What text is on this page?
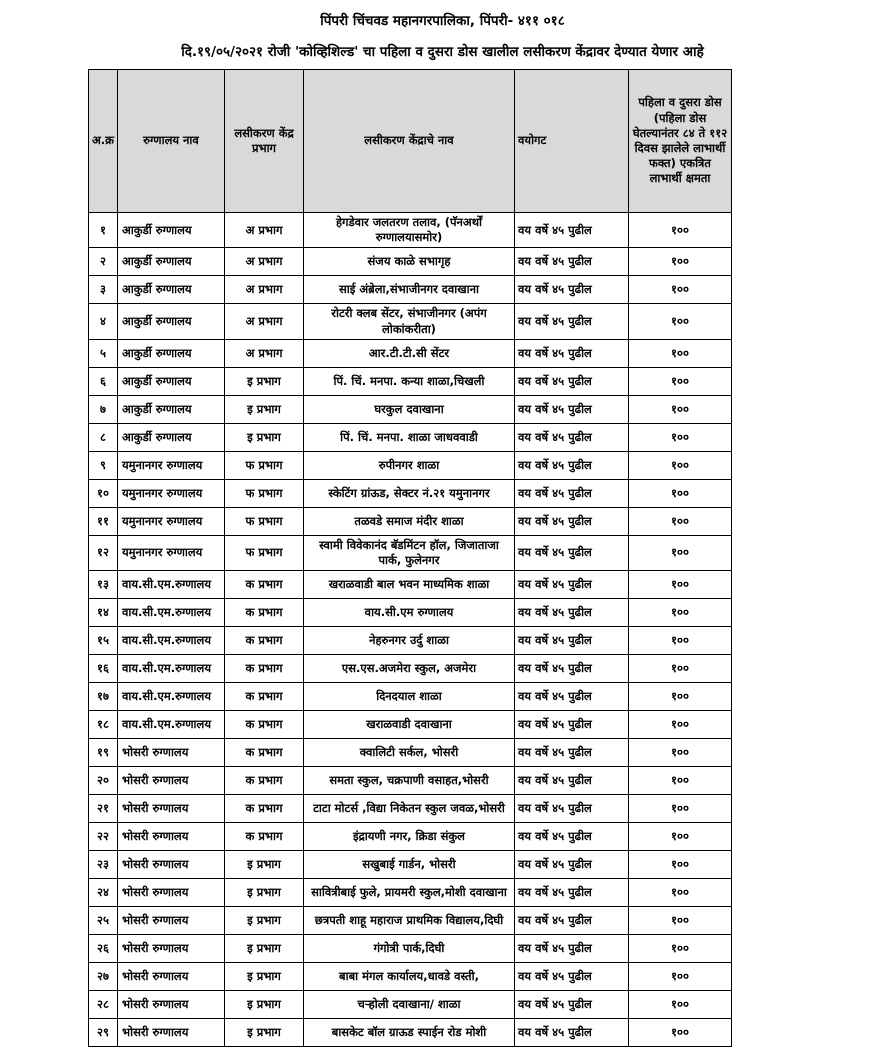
पिंपरी चिंचवड महानगरपालिका, पिंपरी- ४११ ०१८
दि.१९/०५/२०२१ रोजी 'कोव्हिशिल्ड' चा पहिला व दुसरा डोस खालील लसीकरण केंद्रावर देण्यात येणार आहे
अ.क्र	रुग्णालय नाव	लसीकरण केंद्र प्रभाग	लसीकरण केंद्राचे नाव	वयोगट	पहिला व दुसरा डोस (पहिला डोस घेतल्यानंतर ८४ ते ११२ दिवस झालेले लाभार्थी फक्त) एकत्रित लाभार्थी क्षमता
१	आकुर्डी रुग्णालय	अ प्रभाग	हेगडेवार जलतरण तलाव, (पॅनअर्थों रुग्णालयासमोर)	वय वर्षे ४५ पुढील	१००
२	आकुर्डी रुग्णालय	अ प्रभाग	संजय काळे सभागृह	वय वर्षे ४५ पुढील	१००
३	आकुर्डी रुग्णालय	अ प्रभाग	साई अंब्रेला,संभाजीनगर दवाखाना	वय वर्षे ४५ पुढील	१००
४	आकुर्डी रुग्णालय	अ प्रभाग	रोटरी क्लब सेंटर, संभाजीनगर (अपंग लोकांकरीता)	वय वर्षे ४५ पुढील	१००
५	आकुर्डी रुग्णालय	अ प्रभाग	आर.टी.टी.सी सेंटर	वय वर्षे ४५ पुढील	१००
६	आकुर्डी रुग्णालय	इ प्रभाग	पिं. चिं. मनपा. कन्या शाळा,चिखली	वय वर्षे ४५ पुढील	१००
७	आकुर्डी रुग्णालय	इ प्रभाग	घरकुल दवाखाना	वय वर्षे ४५ पुढील	१००
८	आकुर्डी रुग्णालय	इ प्रभाग	पिं. चिं. मनपा. शाळा जाधववाडी	वय वर्षे ४५ पुढील	१००
९	यमुनानगर रुग्णालय	फ प्रभाग	रुपीनगर शाळा	वय वर्षे ४५ पुढील	१००
१०	यमुनानगर रुग्णालय	फ प्रभाग	स्केटिंग ग्रांऊड, सेक्टर नं.२१ यमुनानगर	वय वर्षे ४५ पुढील	१००
११	यमुनानगर रुग्णालय	फ प्रभाग	तळवडे समाज मंदीर शाळा	वय वर्षे ४५ पुढील	१००
१२	यमुनानगर रुग्णालय	फ प्रभाग	स्वामी विवेकानंद बॅडमिंटन हॉल, जिजाताजा पार्क, फुलेनगर	वय वर्षे ४५ पुढील	१००
१३	वाय.सी.एम.रुग्णालय	क प्रभाग	खराळवाडी बाल भवन माध्यमिक शाळा	वय वर्षे ४५ पुढील	१००
१४	वाय.सी.एम.रुग्णालय	क प्रभाग	वाय.सी.एम रुग्णालय	वय वर्षे ४५ पुढील	१००
१५	वाय.सी.एम.रुग्णालय	क प्रभाग	नेहरुनगर उर्दु शाळा	वय वर्षे ४५ पुढील	१००
१६	वाय.सी.एम.रुग्णालय	क प्रभाग	एस.एस.अजमेरा स्कुल, अजमेरा	वय वर्षे ४५ पुढील	१००
१७	वाय.सी.एम.रुग्णालय	क प्रभाग	दिनदयाल शाळा	वय वर्षे ४५ पुढील	१००
१८	वाय.सी.एम.रुग्णालय	क प्रभाग	खराळवाडी दवाखाना	वय वर्षे ४५ पुढील	१००
१९	भोसरी रुग्णालय	क प्रभाग	क्वालिटी सर्कल, भोसरी	वय वर्षे ४५ पुढील	१००
२०	भोसरी रुग्णालय	क प्रभाग	समता स्कुल, चक्रपाणी वसाहत,भोसरी	वय वर्षे ४५ पुढील	१००
२१	भोसरी रुग्णालय	क प्रभाग	टाटा मोटर्स ,विद्या निकेतन स्कुल जवळ,भोसरी	वय वर्षे ४५ पुढील	१००
२२	भोसरी रुग्णालय	क प्रभाग	इंद्रायणी नगर, क्रिडा संकुल	वय वर्षे ४५ पुढील	१००
२३	भोसरी रुग्णालय	इ प्रभाग	सखुबाई गार्डन, भोसरी	वय वर्षे ४५ पुढील	१००
२४	भोसरी रुग्णालय	इ प्रभाग	सावित्रीबाई फुले, प्रायमरी स्कुल,मोशी दवाखाना	वय वर्षे ४५ पुढील	१००
२५	भोसरी रुग्णालय	इ प्रभाग	छत्रपती शाहू महाराज प्राथमिक विद्यालय,दिघी	वय वर्षे ४५ पुढील	१००
२६	भोसरी रुग्णालय	इ प्रभाग	गंगोत्री पार्क,दिघी	वय वर्षे ४५ पुढील	१००
२७	भोसरी रुग्णालय	इ प्रभाग	बाबा मंगल कार्यालय,धावडे वस्ती,	वय वर्षे ४५ पुढील	१००
२८	भोसरी रुग्णालय	इ प्रभाग	चऱ्होली दवाखाना/ शाळा	वय वर्षे ४५ पुढील	१००
२९	भोसरी रुग्णालय	इ प्रभाग	बासकेट बॉल ग्राऊड स्पाईन रोड मोशी	वय वर्षे ४५ पुढील	१००
